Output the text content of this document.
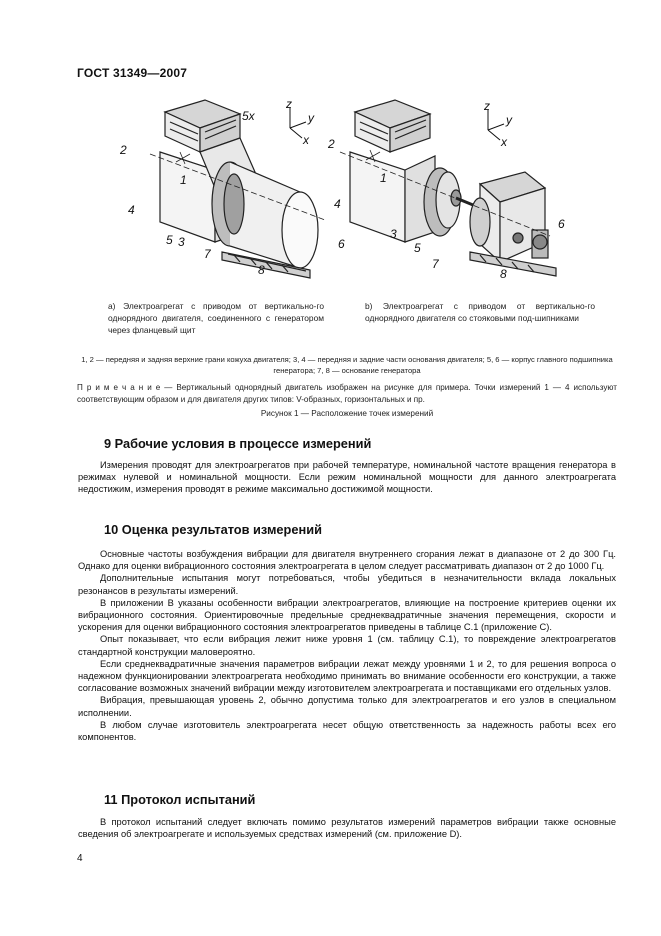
ГОСТ 31349—2007
z
y
x
2
5x
1
4
5 3
7
6
8
z
y
x
2
1
4
3
5
7
6
8
a) Электроагрегат с приводом от вертикально-го однорядного двигателя, соединенного с генератором через фланцевый щит
b) Электроагрегат с приводом от вертикально-го однорядного двигателя со стояковыми под-шипниками
1, 2 — передняя и задняя верхние грани кожуха двигателя; 3, 4 — передняя и задние части основания двигателя; 5, 6 — корпус главного подшипника генератора; 7, 8 — основание генератора
П р и м е ч а н и е — Вертикальный однорядный двигатель изображен на рисунке для примера. Точки измерений 1 — 4 используют соответствующим образом и для двигателя других типов: V-образных, горизонтальных и пр.
Рисунок 1 — Расположение точек измерений
9 Рабочие условия в процессе измерений

Измерения проводят для электроагрегатов при рабочей температуре, номинальной частоте вращения генератора в режимах нулевой и номинальной мощности. Если режим номинальной мощности для данного электроагрегата недостижим, измерения проводят в режиме максимально достижимой мощности.

10 Оценка результатов измерений

Основные частоты возбуждения вибрации для двигателя внутреннего сгорания лежат в диапазоне от 2 до 300 Гц. Однако для оценки вибрационного состояния электроагрегата в целом следует рассматривать диапазон от 2 до 1000 Гц.

Дополнительные испытания могут потребоваться, чтобы убедиться в незначительности вклада локальных резонансов в результаты измерений.

В приложении В указаны особенности вибрации электроагрегатов, влияющие на построение критериев оценки их вибрационного состояния. Ориентировочные предельные среднеквадратичные значения перемещения, скорости и ускорения для оценки вибрационного состояния электроагрегатов приведены в таблице С.1 (приложение С).

Опыт показывает, что если вибрация лежит ниже уровня 1 (см. таблицу С.1), то повреждение электроагрегатов стандартной конструкции маловероятно.

Если среднеквадратичные значения параметров вибрации лежат между уровнями 1 и 2, то для решения вопроса о надежном функционировании электроагрегата необходимо принимать во внимание особенности его конструкции, а также согласование возможных значений вибрации между изготовителем электроагрегата и поставщиками его отдельных узлов.

Вибрация, превышающая уровень 2, обычно допустима только для электроагрегатов и его узлов в специальном исполнении.

В любом случае изготовитель электроагрегата несет общую ответственность за надежность работы всех его компонентов.

11 Протокол испытаний

В протокол испытаний следует включать помимо результатов измерений параметров вибрации также основные сведения об электроагрегате и используемых средствах измерений (см. приложение D).

4
